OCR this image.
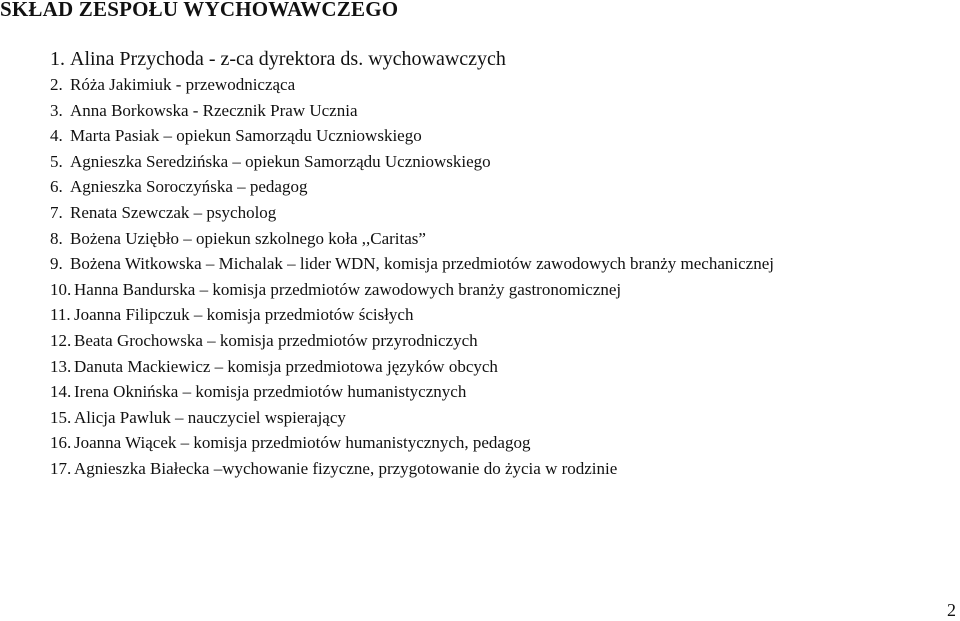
SKŁAD ZESPOŁU WYCHOWAWCZEGO
1. Alina Przychoda - z-ca dyrektora ds. wychowawczych
2. Róża Jakimiuk - przewodnicząca
3. Anna Borkowska - Rzecznik Praw Ucznia
4. Marta Pasiak – opiekun Samorządu Uczniowskiego
5. Agnieszka Seredzińska – opiekun Samorządu Uczniowskiego
6. Agnieszka Soroczyńska – pedagog
7. Renata Szewczak – psycholog
8. Bożena Uziębło – opiekun szkolnego koła ,,Caritas”
9. Bożena Witkowska – Michalak – lider WDN, komisja przedmiotów zawodowych branży mechanicznej
10. Hanna Bandurska – komisja przedmiotów zawodowych branży gastronomicznej
11. Joanna Filipczuk – komisja przedmiotów ścisłych
12. Beata Grochowska – komisja przedmiotów przyrodniczych
13. Danuta Mackiewicz – komisja przedmiotowa języków obcych
14. Irena Oknińska – komisja przedmiotów humanistycznych
15. Alicja Pawluk – nauczyciel wspierający
16. Joanna Wiącek – komisja przedmiotów humanistycznych, pedagog
17. Agnieszka Białecka –wychowanie fizyczne, przygotowanie do życia w rodzinie
2
